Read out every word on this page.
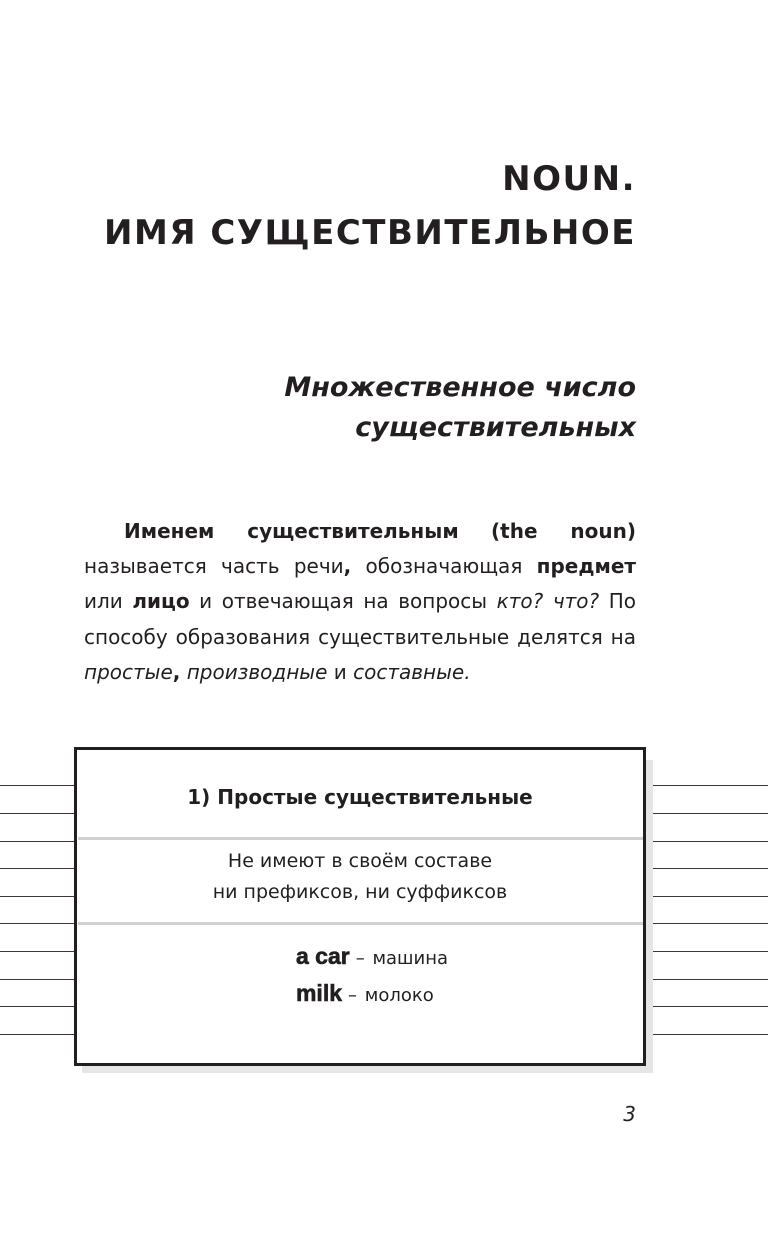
NOUN.
ИМЯ СУЩЕСТВИТЕЛЬНОЕ
Множественное число
существительных

Именем существительным (the noun) называется часть речи, обозначающая предмет или лицо и отвечающая на вопросы кто? что? По способу образования существительные делятся на простые, производные и составные.

1) Простые существительные
Не имеют в своём составе
ни префиксов, ни суффиксов
a car – машина
milk – молоко
3
